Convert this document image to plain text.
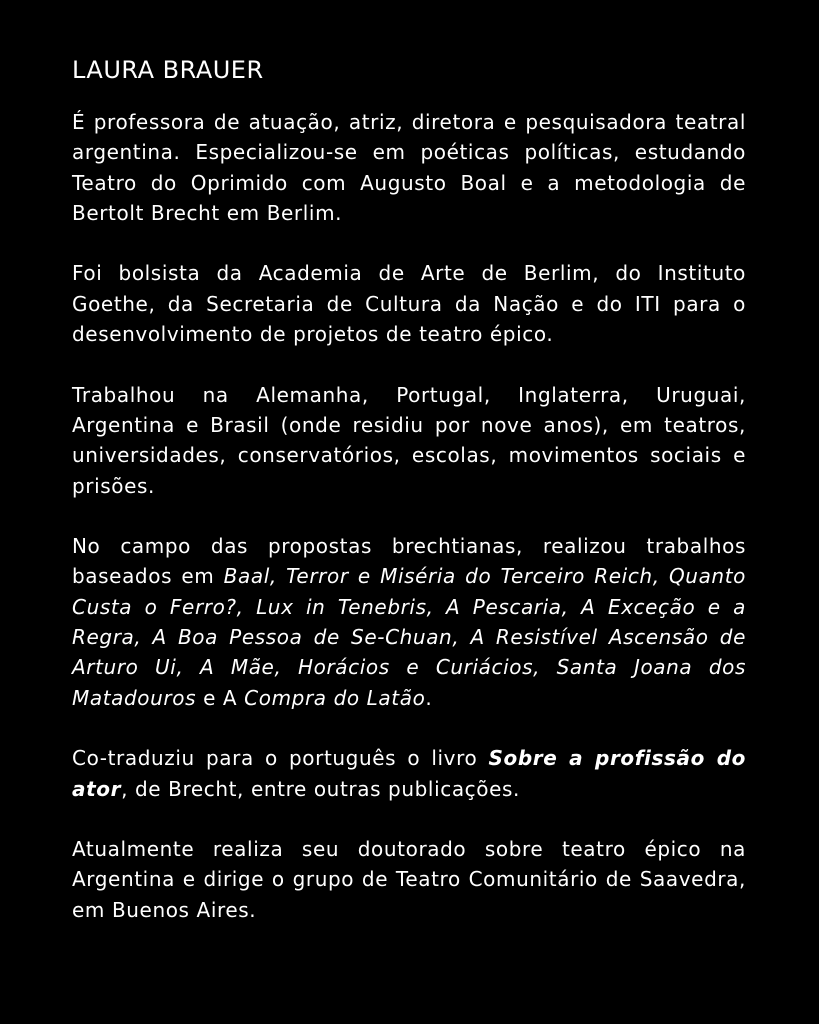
LAURA BRAUER

É professora de atuação, atriz, diretora e pesquisadora teatral argentina. Especializou-se em poéticas políticas, estudando Teatro do Oprimido com Augusto Boal e a metodologia de Bertolt Brecht em Berlim.

Foi bolsista da Academia de Arte de Berlim, do Instituto Goethe, da Secretaria de Cultura da Nação e do ITI para o desenvolvimento de projetos de teatro épico.

Trabalhou na Alemanha, Portugal, Inglaterra, Uruguai, Argentina e Brasil (onde residiu por nove anos), em teatros, universidades, conservatórios, escolas, movimentos sociais e prisões.

No campo das propostas brechtianas, realizou trabalhos baseados em Baal, Terror e Miséria do Terceiro Reich, Quanto Custa o Ferro?, Lux in Tenebris, A Pescaria, A Exceção e a Regra, A Boa Pessoa de Se-Chuan, A Resistível Ascensão de Arturo Ui, A Mãe, Horácios e Curiácios, Santa Joana dos Matadouros e A Compra do Latão.

Co-traduziu para o português o livro Sobre a profissão do ator, de Brecht, entre outras publicações.

Atualmente realiza seu doutorado sobre teatro épico na Argentina e dirige o grupo de Teatro Comunitário de Saavedra, em Buenos Aires.
